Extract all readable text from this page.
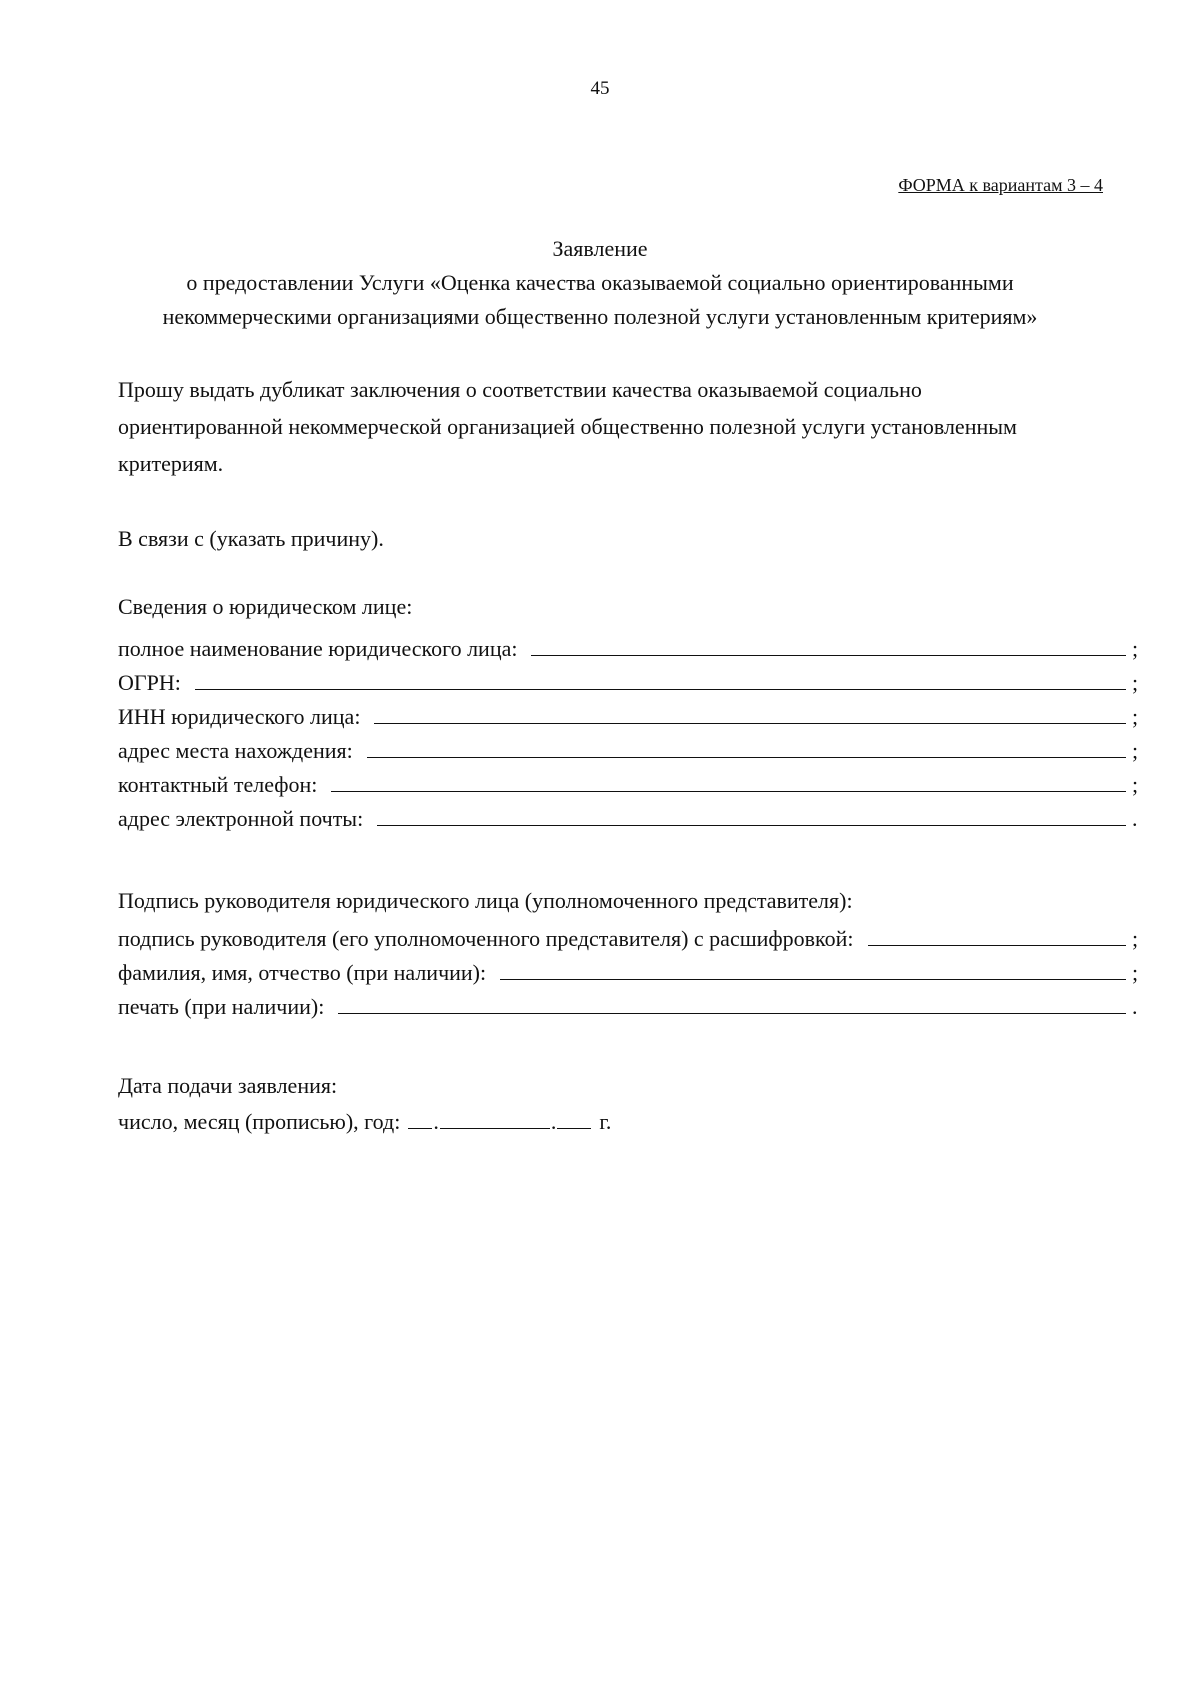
45
ФОРМА к вариантам 3 – 4
Заявление
о предоставлении Услуги «Оценка качества оказываемой социально ориентированными
некоммерческими организациями общественно полезной услуги установленным критериям»
Прошу выдать дубликат заключения о соответствии качества оказываемой социально
ориентированной некоммерческой организацией общественно полезной услуги установленным
критериям.
В связи с (указать причину).
Сведения о юридическом лице:
полное наименование юридического лица:	;
ОГРН:	;
ИНН юридического лица:	;
адрес места нахождения:	;
контактный телефон:	;
адрес электронной почты:	.
Подпись руководителя юридического лица (уполномоченного представителя):
подпись руководителя (его уполномоченного представителя) с расшифровкой:	;
фамилия, имя, отчество (при наличии):	;
печать (при наличии):	.
Дата подачи заявления:
число, месяц (прописью), год: .	. г.
